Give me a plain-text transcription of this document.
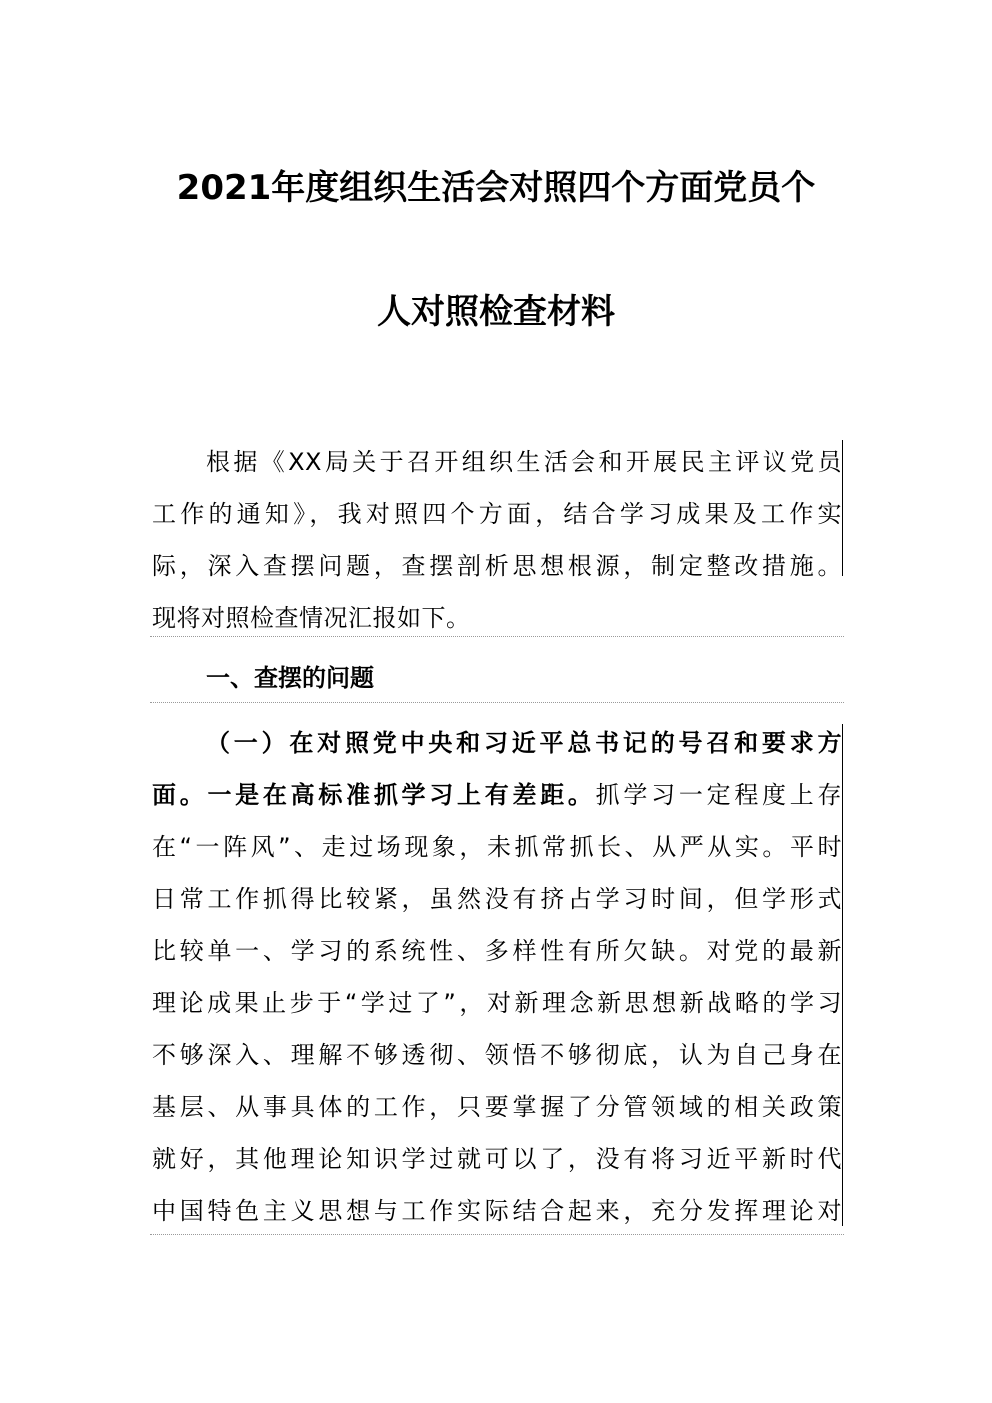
2021年度组织生活会对照四个方面党员个
人对照检查材料
根据《XX局关于召开组织生活会和开展民主评议党员
工作的通知》，我对照四个方面，结合学习成果及工作实
际，深入查摆问题，查摆剖析思想根源，制定整改措施。
现将对照检查情况汇报如下。
一、查摆的问题
（一）在对照党中央和习近平总书记的号召和要求方
面。一是在高标准抓学习上有差距。抓学习一定程度上存
在“一阵风”、走过场现象，未抓常抓长、从严从实。平时
日常工作抓得比较紧，虽然没有挤占学习时间，但学形式
比较单一、学习的系统性、多样性有所欠缺。对党的最新
理论成果止步于“学过了”，对新理念新思想新战略的学习
不够深入、理解不够透彻、领悟不够彻底，认为自己身在
基层、从事具体的工作，只要掌握了分管领域的相关政策
就好，其他理论知识学过就可以了，没有将习近平新时代
中国特色主义思想与工作实际结合起来，充分发挥理论对
